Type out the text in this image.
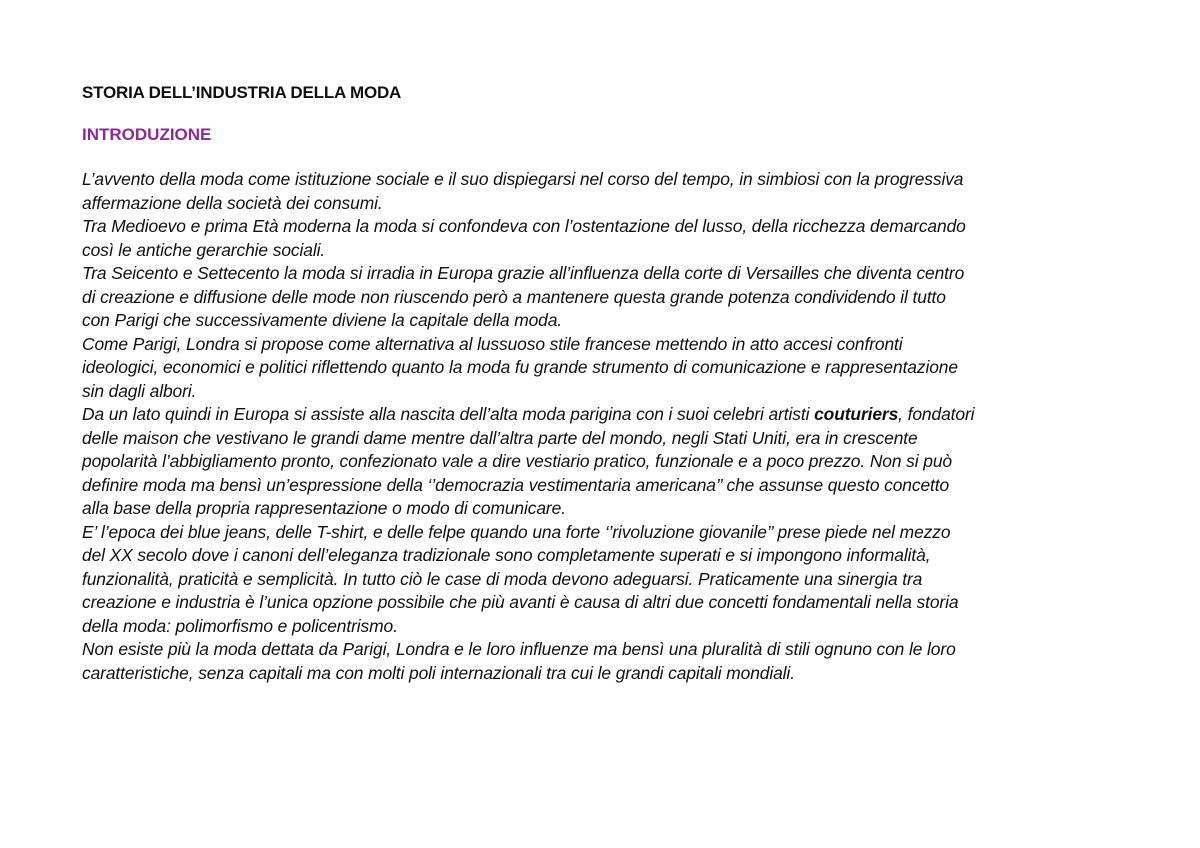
STORIA DELL’INDUSTRIA DELLA MODA
INTRODUZIONE
L’avvento della moda come istituzione sociale e il suo dispiegarsi nel corso del tempo, in simbiosi con la progressiva
affermazione della società dei consumi.
Tra Medioevo e prima Età moderna la moda si confondeva con l’ostentazione del lusso, della ricchezza demarcando
così le antiche gerarchie sociali.
Tra Seicento e Settecento la moda si irradia in Europa grazie all’influenza della corte di Versailles che diventa centro
di creazione e diffusione delle mode non riuscendo però a mantenere questa grande potenza condividendo il tutto
con Parigi che successivamente diviene la capitale della moda.
Come Parigi, Londra si propose come alternativa al lussuoso stile francese mettendo in atto accesi confronti
ideologici, economici e politici riflettendo quanto la moda fu grande strumento di comunicazione e rappresentazione
sin dagli albori.
Da un lato quindi in Europa si assiste alla nascita dell’alta moda parigina con i suoi celebri artisti couturiers, fondatori
delle maison che vestivano le grandi dame mentre dall’altra parte del mondo, negli Stati Uniti, era in crescente
popolarità l’abbigliamento pronto, confezionato vale a dire vestiario pratico, funzionale e a poco prezzo. Non si può
definire moda ma bensì un’espressione della ‘’democrazia vestimentaria americana’’ che assunse questo concetto
alla base della propria rappresentazione o modo di comunicare.
E’ l’epoca dei blue jeans, delle T-shirt, e delle felpe quando una forte ‘’rivoluzione giovanile’’ prese piede nel mezzo
del XX secolo dove i canoni dell’eleganza tradizionale sono completamente superati e si impongono informalità,
funzionalità, praticità e semplicità. In tutto ciò le case di moda devono adeguarsi. Praticamente una sinergia tra
creazione e industria è l’unica opzione possibile che più avanti è causa di altri due concetti fondamentali nella storia
della moda: polimorfismo e policentrismo.
Non esiste più la moda dettata da Parigi, Londra e le loro influenze ma bensì una pluralità di stili ognuno con le loro
caratteristiche, senza capitali ma con molti poli internazionali tra cui le grandi capitali mondiali.
